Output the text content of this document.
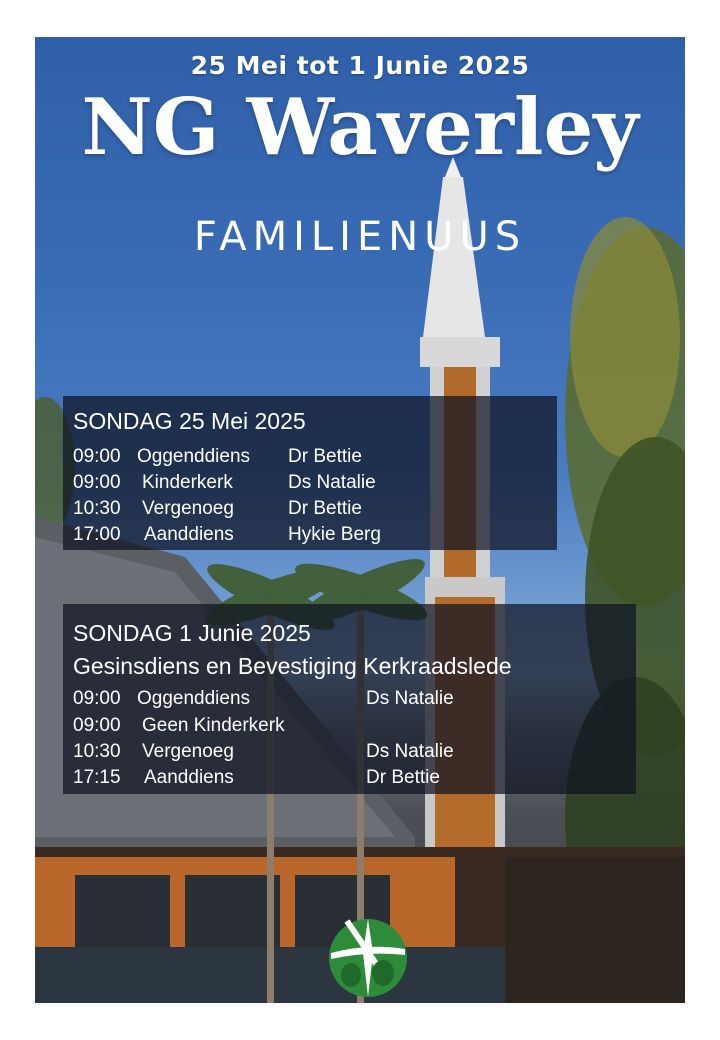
25 Mei tot 1 Junie 2025
NG Waverley
FAMILIENUUS
SONDAG 25 Mei 2025
09:00 Oggenddiens Dr Bettie
09:00 Kinderkerk	Ds Natalie
10:30 Vergenoeg	Dr Bettie
17:00 Aanddiens	Hykie Berg
SONDAG 1 Junie 2025
Gesinsdiens en Bevestiging Kerkraadslede
09:00 Oggenddiens	Ds Natalie
09:00 Geen Kinderkerk
10:30 Vergenoeg	Ds Natalie
17:15 Aanddiens	Dr Bettie
